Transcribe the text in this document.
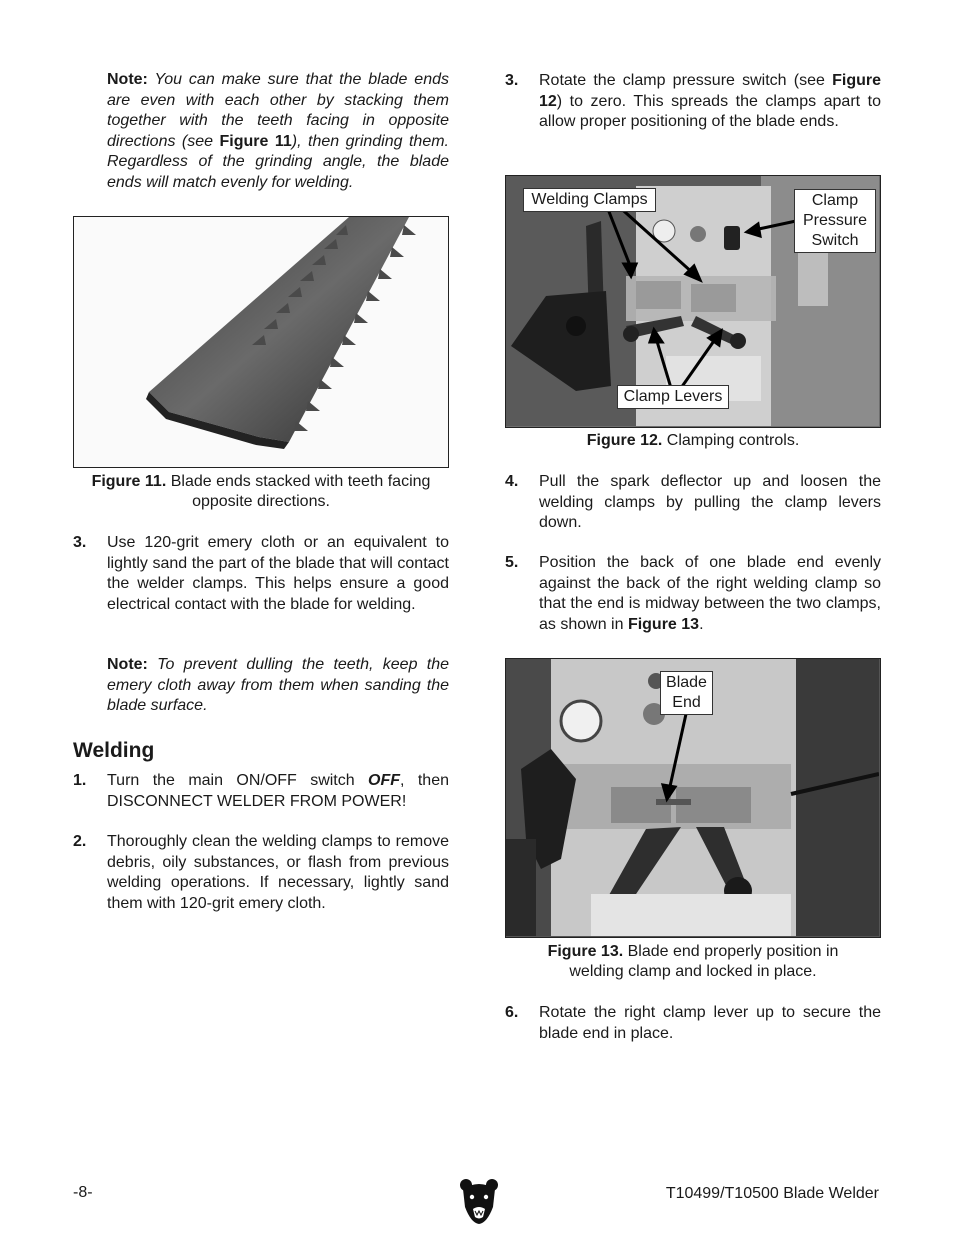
Note: You can make sure that the blade ends are even with each other by stacking them together with the teeth facing in opposite directions (see Figure 11), then grinding them. Regardless of the grinding angle, the blade ends will match evenly for welding.
Figure 11. Blade ends stacked with teeth facing opposite directions.
3.	Use 120-grit emery cloth or an equivalent to lightly sand the part of the blade that will contact the welder clamps. This helps ensure a good electrical contact with the blade for welding.
Note: To prevent dulling the teeth, keep the emery cloth away from them when sanding the blade surface.
Welding
1.	Turn the main ON/OFF switch OFF, then DISCONNECT WELDER FROM POWER!
2.	Thoroughly clean the welding clamps to remove debris, oily substances, or flash from previous welding operations. If necessary, lightly sand them with 120-grit emery cloth.
3.	Rotate the clamp pressure switch (see Figure 12) to zero. This spreads the clamps apart to allow proper positioning of the blade ends.
Welding Clamps	Clamp Pressure Switch
Clamp Levers
Figure 12. Clamping controls.
4.	Pull the spark deflector up and loosen the welding clamps by pulling the clamp levers down.
5.	Position the back of one blade end evenly against the back of the right welding clamp so that the end is midway between the two clamps, as shown in Figure 13.
Blade End
Figure 13. Blade end properly position in welding clamp and locked in place.
6.	Rotate the right clamp lever up to secure the blade end in place.
-8-	T10499/T10500 Blade Welder
